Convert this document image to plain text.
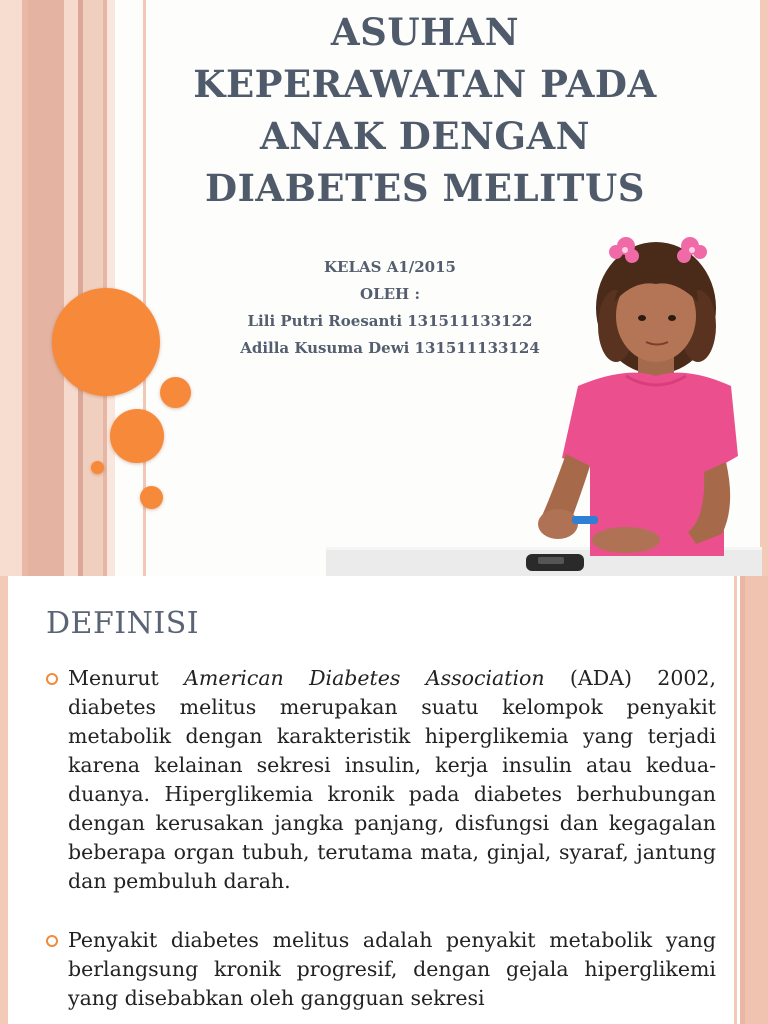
ASUHAN
KEPERAWATAN PADA
ANAK DENGAN
DIABETES MELITUS
KELAS A1/2015
OLEH :
Lili Putri Roesanti 131511133122
Adilla Kusuma Dewi 131511133124
DEFINISI
Menurut American Diabetes Association (ADA) 2002, diabetes melitus merupakan suatu kelompok penyakit metabolik dengan karakteristik hiperglikemia yang terjadi karena kelainan sekresi insulin, kerja insulin atau kedua-duanya. Hiperglikemia kronik pada diabetes berhubungan dengan kerusakan jangka panjang, disfungsi dan kegagalan beberapa organ tubuh, terutama mata, ginjal, syaraf, jantung dan pembuluh darah.
Penyakit diabetes melitus adalah penyakit metabolik yang berlangsung kronik progresif, dengan gejala hiperglikemi yang disebabkan oleh gangguan sekresi
